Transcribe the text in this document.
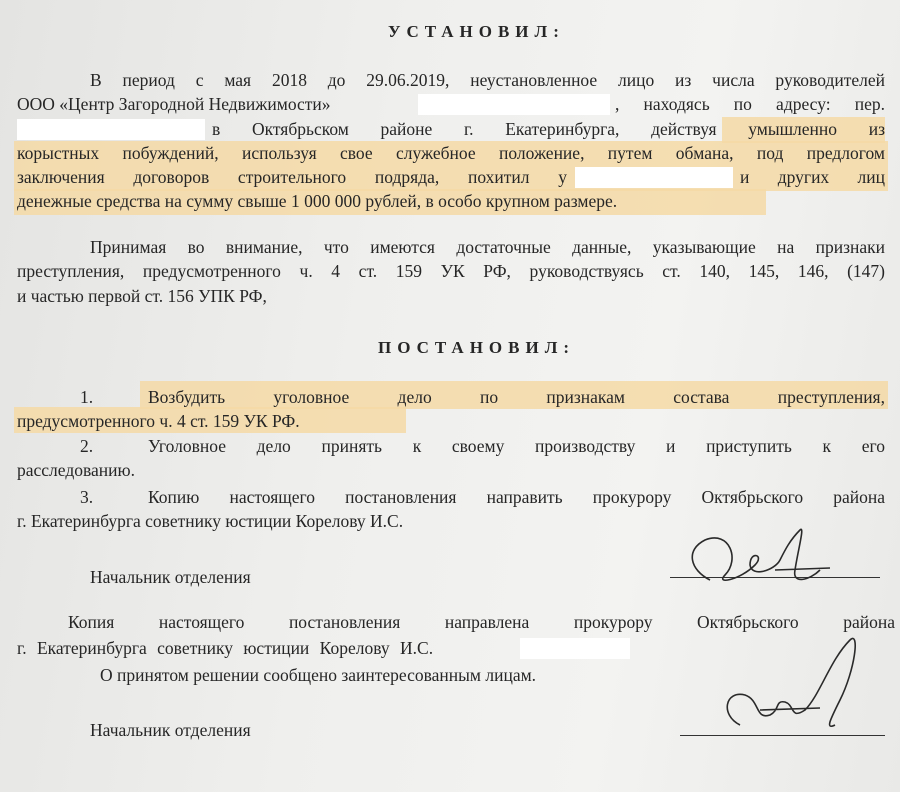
УСТАНОВИЛ:
В период с мая 2018 до 29.06.2019, неустановленное лицо из числа руководителей
ООО «Центр Загородной Недвижимости»	, находясь по адресу: пер.
в Октябрьском районе г. Екатеринбурга, действуя умышленно из
корыстных побуждений, используя свое служебное положение, путем обмана, под предлогом
заключения договоров строительного подряда, похитил у	и других лиц
денежные средства на сумму свыше 1 000 000 рублей, в особо крупном размере.
Принимая во внимание, что имеются достаточные данные, указывающие на признаки
преступления, предусмотренного ч. 4 ст. 159 УК РФ, руководствуясь ст. 140, 145, 146, (147)
и частью первой ст. 156 УПК РФ,
ПОСТАНОВИЛ:
1.	Возбудить уголовное дело по признакам состава преступления,
предусмотренного ч. 4 ст. 159 УК РФ.
2.	Уголовное дело принять к своему производству и приступить к его
расследованию.
3.	Копию настоящего постановления направить прокурору Октябрьского района
г. Екатеринбурга советнику юстиции Корелову И.С.
Начальник отделения
Копия настоящего постановления направлена прокурору Октябрьского района
г. Екатеринбурга советнику юстиции Корелову И.С.
О принятом решении сообщено заинтересованным лицам.
Начальник отделения
